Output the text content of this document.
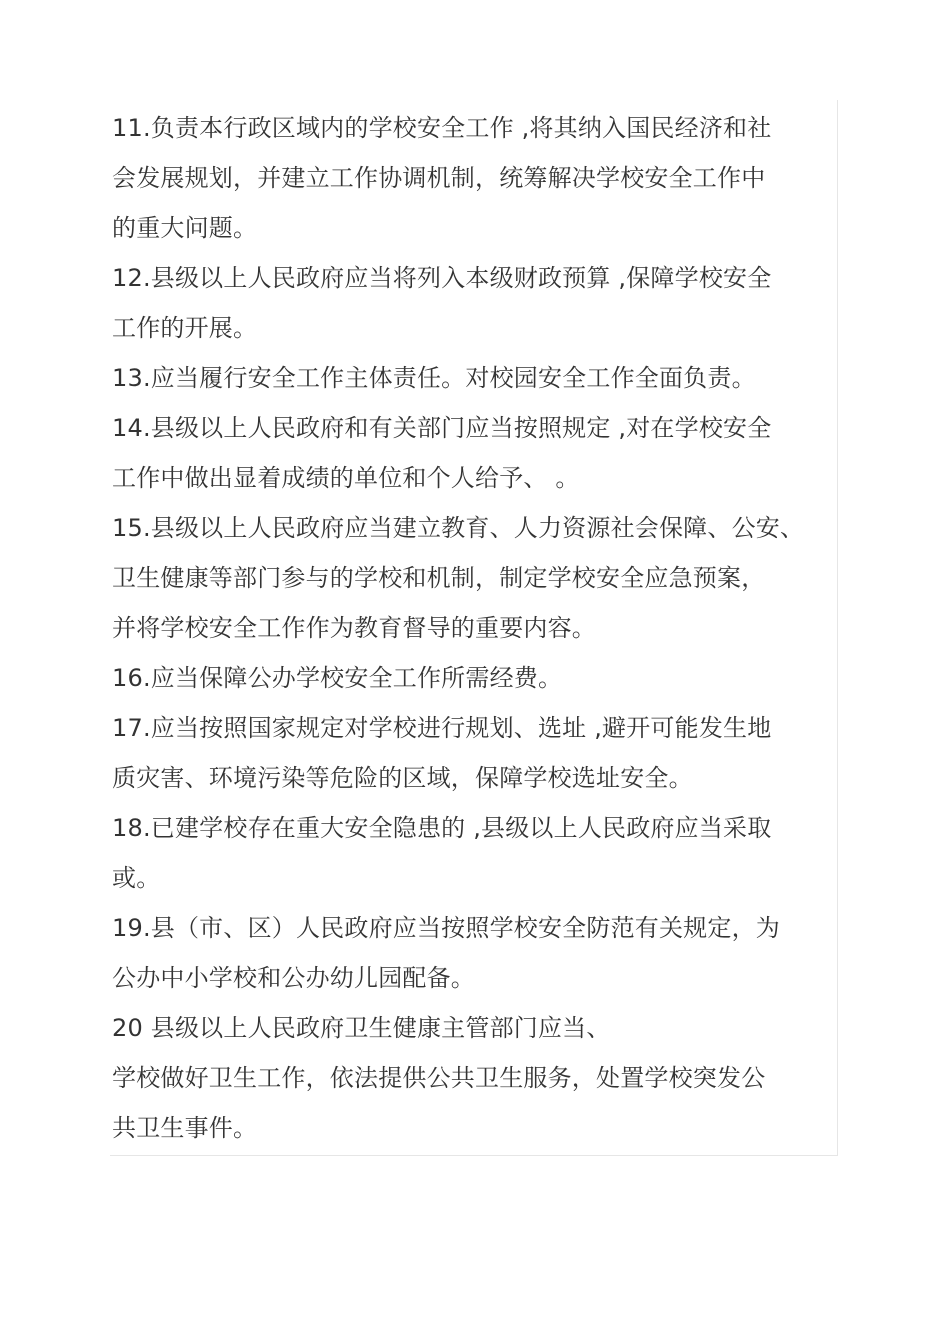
11.负责本行政区域内的学校安全工作 ,将其纳入国民经济和社
会发展规划，并建立工作协调机制，统筹解决学校安全工作中
的重大问题。
12.县级以上人民政府应当将列入本级财政预算 ,保障学校安全
工作的开展。
13.应当履行安全工作主体责任。对校园安全工作全面负责。
14.县级以上人民政府和有关部门应当按照规定 ,对在学校安全
工作中做出显着成绩的单位和个人给予、 。
15.县级以上人民政府应当建立教育、人力资源社会保障、公安、
卫生健康等部门参与的学校和机制，制定学校安全应急预案，
并将学校安全工作作为教育督导的重要内容。
16.应当保障公办学校安全工作所需经费。
17.应当按照国家规定对学校进行规划、选址 ,避开可能发生地
质灾害、环境污染等危险的区域，保障学校选址安全。
18.已建学校存在重大安全隐患的 ,县级以上人民政府应当采取
或。
19.县（市、区）人民政府应当按照学校安全防范有关规定，为
公办中小学校和公办幼儿园配备。
20 县级以上人民政府卫生健康主管部门应当、
学校做好卫生工作，依法提供公共卫生服务，处置学校突发公
共卫生事件。
